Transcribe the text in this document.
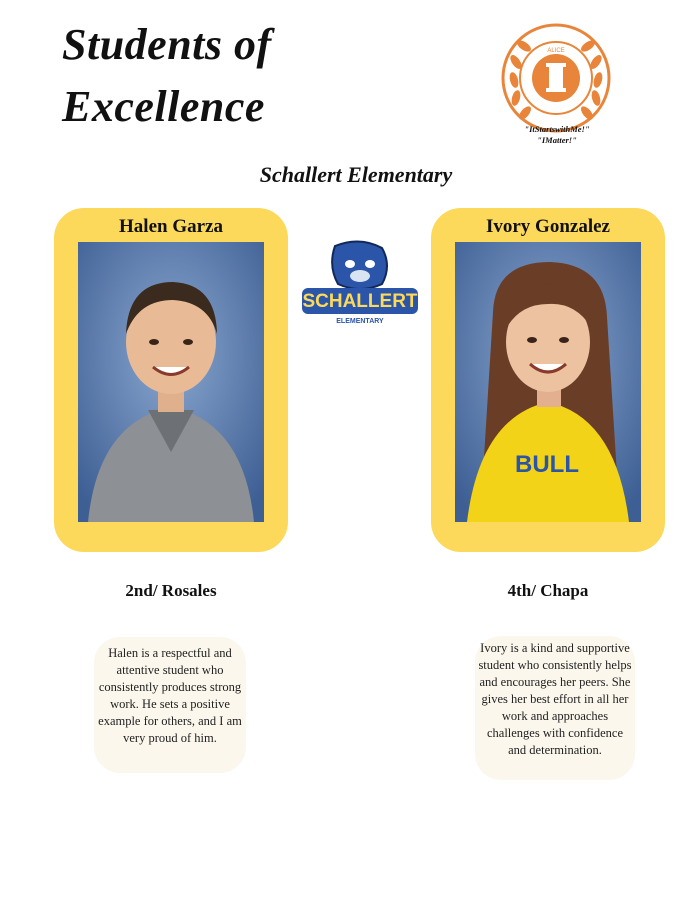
Students of
Excellence
ALICE
"ItStartswithMe!"
"IMatter!"
Schallert Elementary
Halen Garza
SCHALLERT
ELEMENTARY
Ivory Gonzalez
BULL
2nd/ Rosales	4th/ Chapa
Halen is a respectful and attentive student who consistently produces strong work. He sets a positive example for others, and I am very proud of him.
Ivory is a kind and supportive student who consistently helps and encourages her peers. She gives her best effort in all her work and approaches challenges with confidence and determination.
